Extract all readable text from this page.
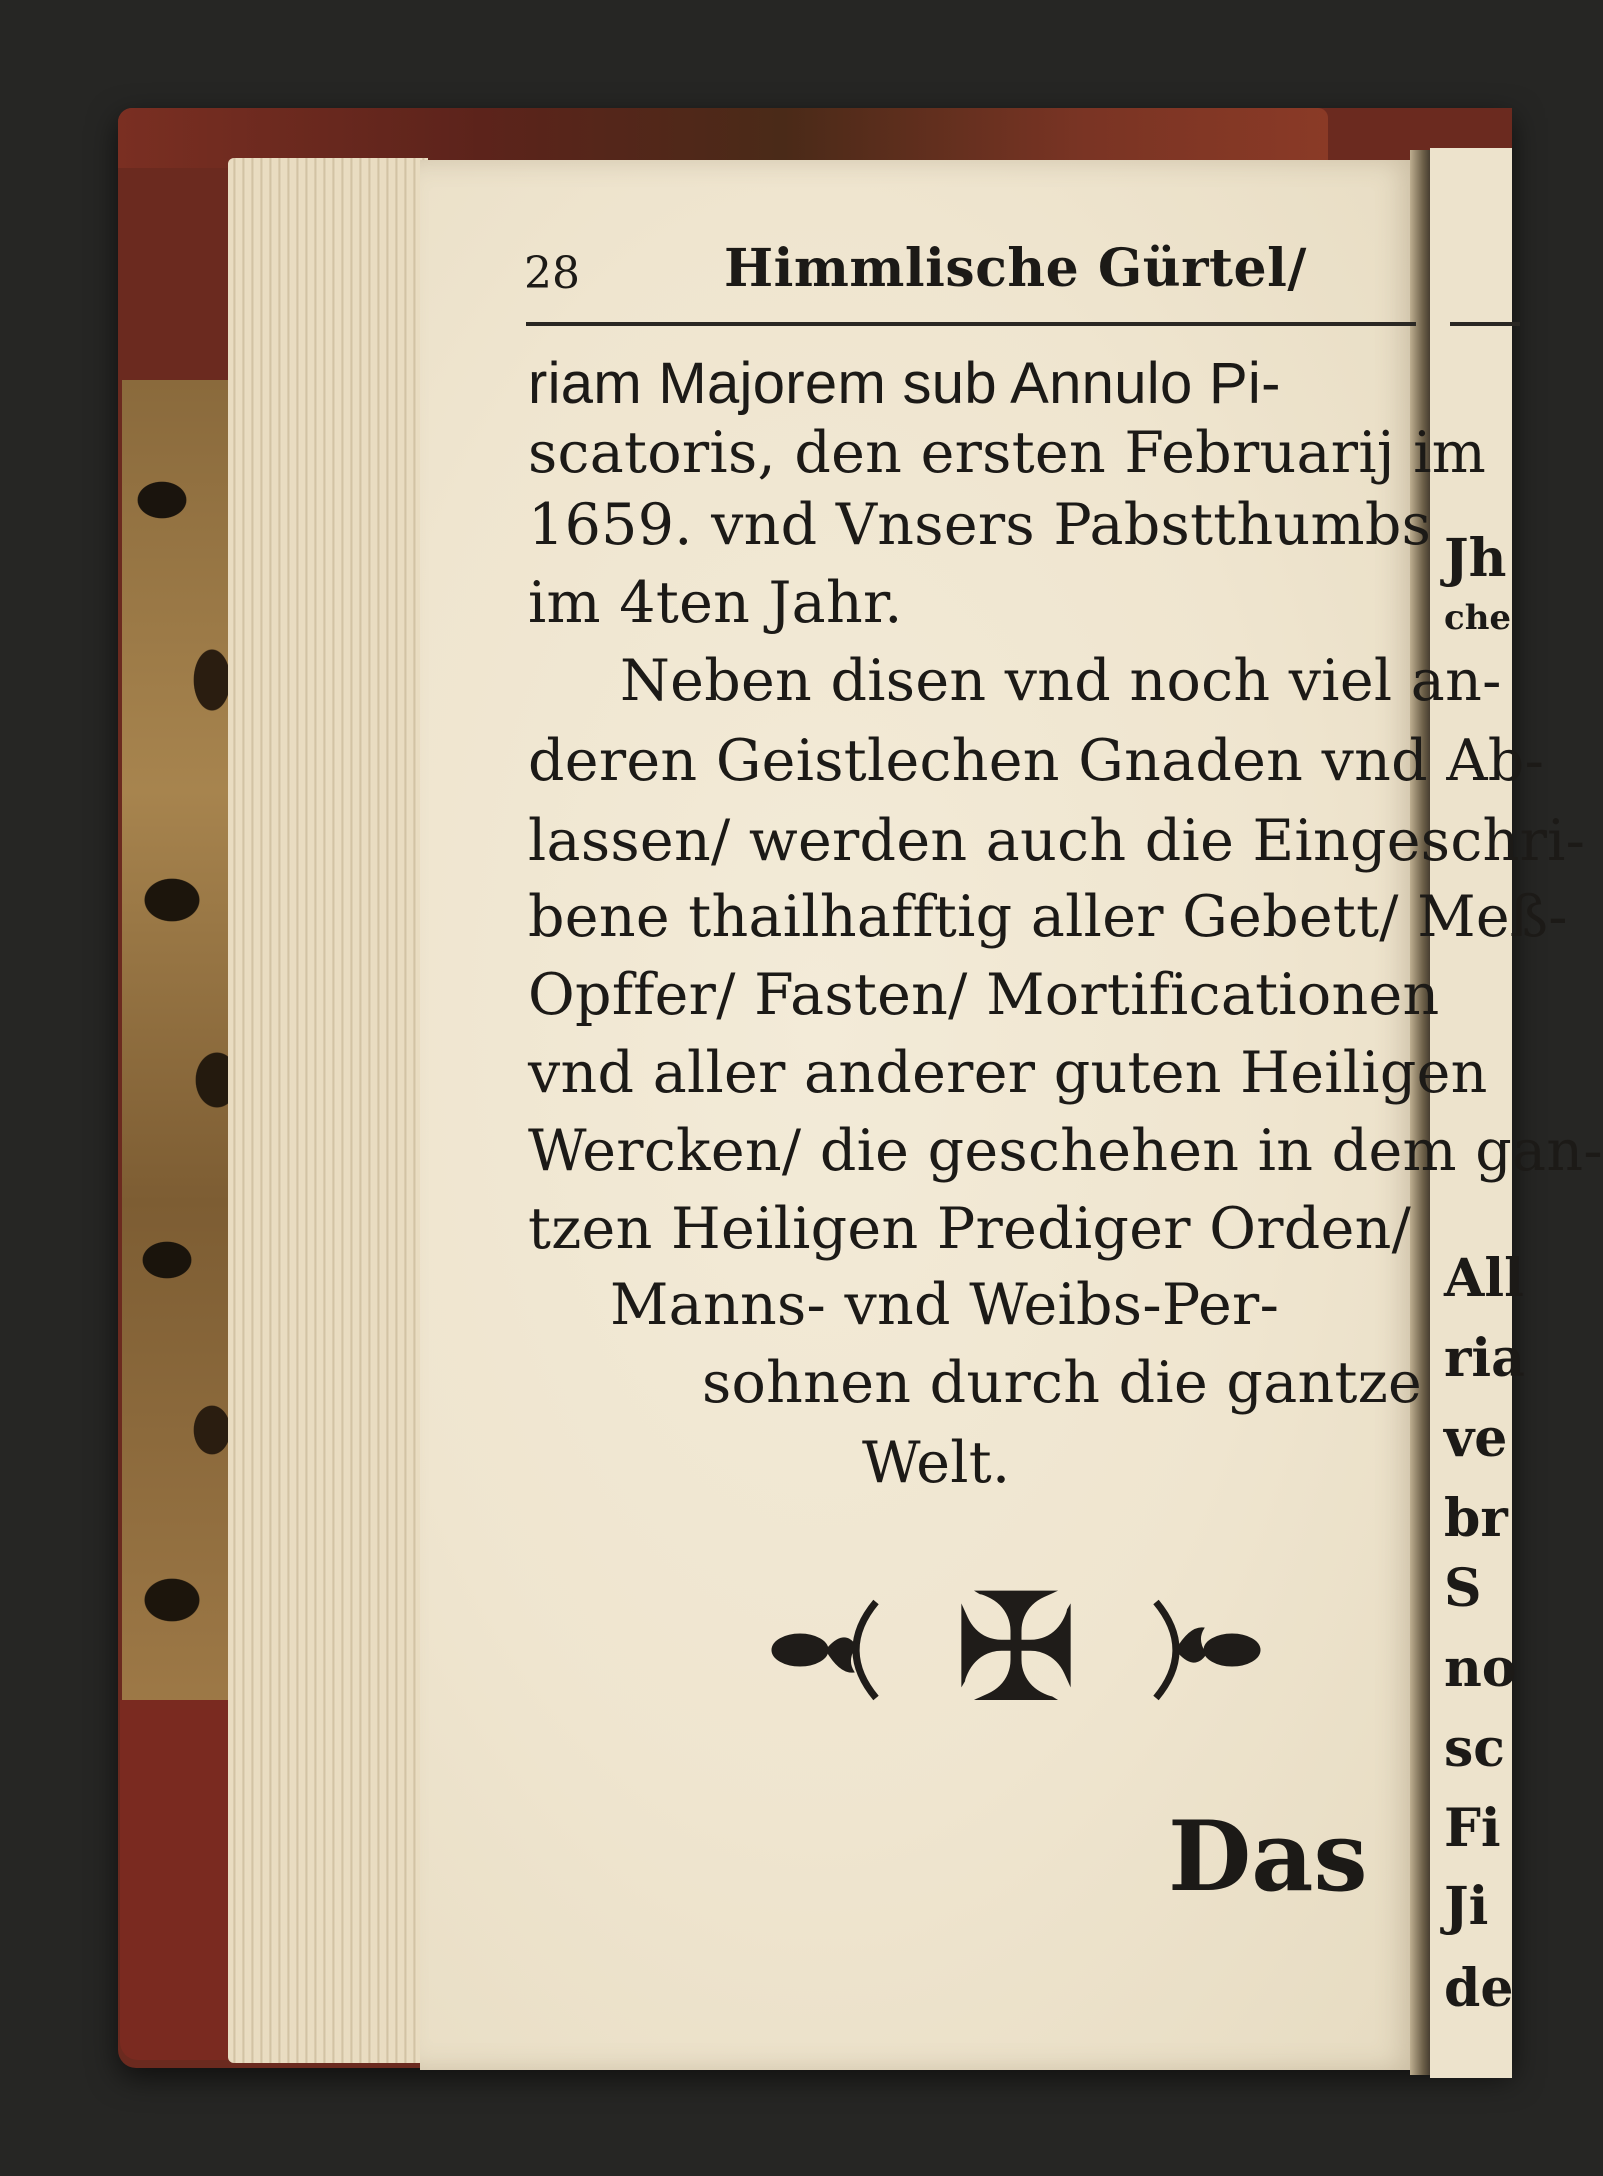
Jh
che
All
ria
ve
br
S
no
sc
Fi
Ji
de
28	Himmlische Gürtel/
riam Majorem sub Annulo Pi-
scatoris, den ersten Februarij im
1659. vnd Vnsers Pabstthumbs
im 4ten Jahr.
Neben disen vnd noch viel an-
deren Geistlechen Gnaden vnd Ab-
lassen/ werden auch die Eingeschri-
bene thailhafftig aller Gebett/ Meß-
Opffer/ Fasten/ Mortificationen
vnd aller anderer guten Heiligen
Wercken/ die geschehen in dem gan-
tzen Heiligen Prediger Orden/
Manns- vnd Weibs-Per-
sohnen durch die gantze
Welt.
✠
Das
